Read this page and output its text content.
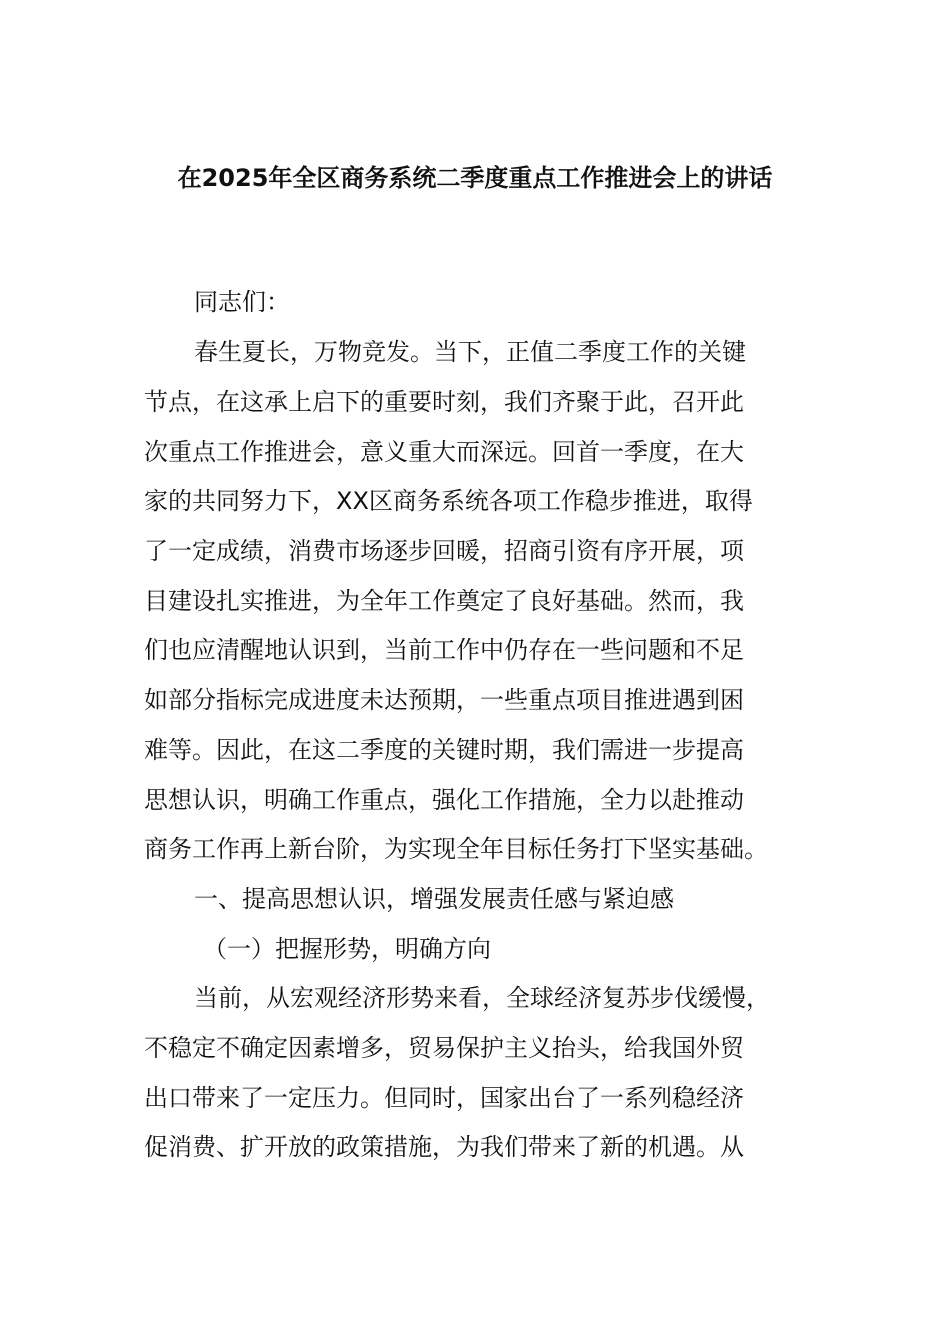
在2025年全区商务系统二季度重点工作推进会上的讲话
同志们：
春生夏长，万物竞发。当下，正值二季度工作的关键
节点，在这承上启下的重要时刻，我们齐聚于此，召开此
次重点工作推进会，意义重大而深远。回首一季度，在大
家的共同努力下，XX区商务系统各项工作稳步推进，取得
了一定成绩，消费市场逐步回暖，招商引资有序开展，项
目建设扎实推进，为全年工作奠定了良好基础。然而，我
们也应清醒地认识到，当前工作中仍存在一些问题和不足
如部分指标完成进度未达预期，一些重点项目推进遇到困
难等。因此，在这二季度的关键时期，我们需进一步提高
思想认识，明确工作重点，强化工作措施，全力以赴推动
商务工作再上新台阶，为实现全年目标任务打下坚实基础。
一、提高思想认识，增强发展责任感与紧迫感
（一）把握形势，明确方向
当前，从宏观经济形势来看，全球经济复苏步伐缓慢，
不稳定不确定因素增多，贸易保护主义抬头，给我国外贸
出口带来了一定压力。但同时，国家出台了一系列稳经济
促消费、扩开放的政策措施，为我们带来了新的机遇。从
